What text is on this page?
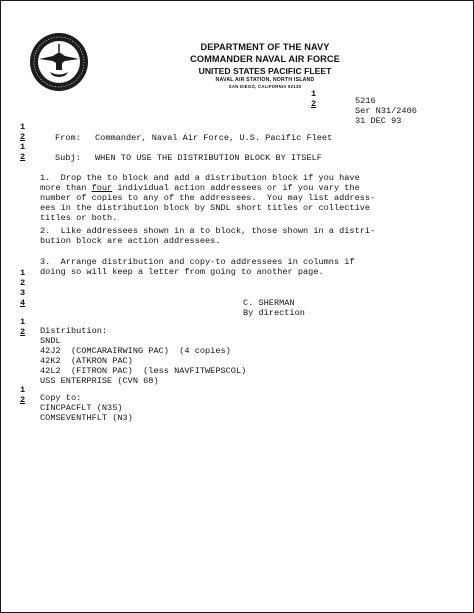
DEPARTMENT OF THE NAVY
COMMANDER NAVAL AIR FORCE
UNITED STATES PACIFIC FLEET
NAVAL AIR STATION, NORTH ISLAND
SAN DIEGO, CALIFORNIA 92135
1
2	5216
Ser N31/2406
31 DEC 93
1
2
1
2
From: Commander, Naval Air Force, U.S. Pacific Fleet
Subj: WHEN TO USE THE DISTRIBUTION BLOCK BY ITSELF
1.  Drop the to block and add a distribution block if you have
more than four individual action addressees or if you vary the
number of copies to any of the addressees.  You may list address-
ees in the distribution block by SNDL short titles or collective
titles or both.
2.  Like addressees shown in a to block, those shown in a distri-
bution block are action addressees.
3.  Arrange distribution and copy-to addressees in columns if
doing so will keep a letter from going to another page.
1
2
3
4	C. SHERMAN
By direction
1
2 Distribution:
SNDL
42J2  (COMCARAIRWING PAC)  (4 copies)
42K2  (ATKRON PAC)
42L2  (FITRON PAC)  (less NAVFITWEPSCOL)
USS ENTERPRISE (CVN 68)
1
2 Copy to:
CINCPACFLT (N35)
COMSEVENTHFLT (N3)
